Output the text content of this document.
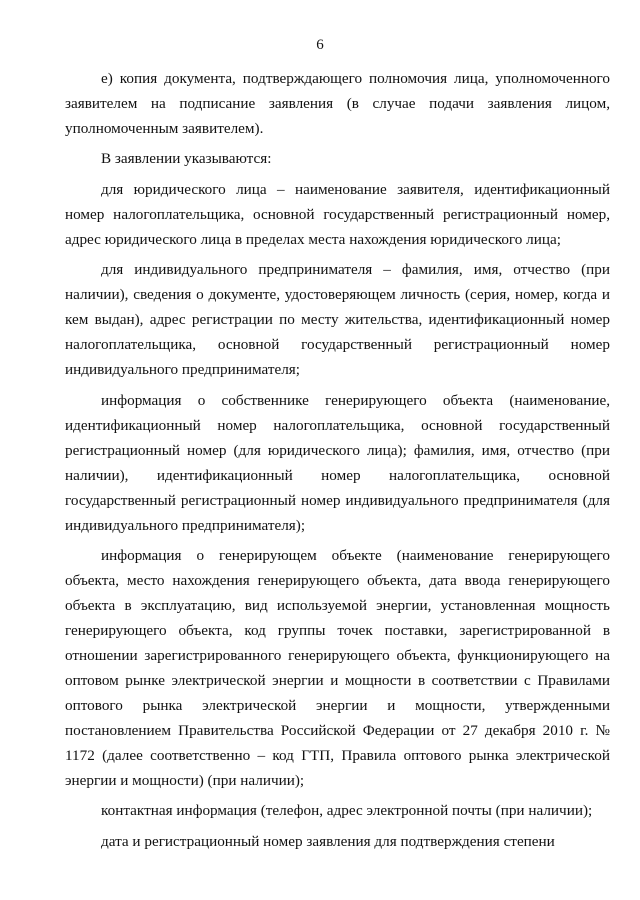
6

е) копия документа, подтверждающего полномочия лица, уполномоченного заявителем на подписание заявления (в случае подачи заявления лицом, уполномоченным заявителем).

В заявлении указываются:

для юридического лица – наименование заявителя, идентификационный номер налогоплательщика, основной государственный регистрационный номер, адрес юридического лица в пределах места нахождения юридического лица;

для индивидуального предпринимателя – фамилия, имя, отчество (при наличии), сведения о документе, удостоверяющем личность (серия, номер, когда и кем выдан), адрес регистрации по месту жительства, идентификационный номер налогоплательщика, основной государственный регистрационный номер индивидуального предпринимателя;

информация о собственнике генерирующего объекта (наименование, идентификационный номер налогоплательщика, основной государственный регистрационный номер (для юридического лица); фамилия, имя, отчество (при наличии), идентификационный номер налогоплательщика, основной государственный регистрационный номер индивидуального предпринимателя (для индивидуального предпринимателя);

информация о генерирующем объекте (наименование генерирующего объекта, место нахождения генерирующего объекта, дата ввода генерирующего объекта в эксплуатацию, вид используемой энергии, установленная мощность генерирующего объекта, код группы точек поставки, зарегистрированной в отношении зарегистрированного генерирующего объекта, функционирующего на оптовом рынке электрической энергии и мощности в соответствии с Правилами оптового рынка электрической энергии и мощности, утвержденными постановлением Правительства Российской Федерации от 27 декабря 2010 г. № 1172 (далее соответственно – код ГТП, Правила оптового рынка электрической энергии и мощности) (при наличии);

контактная информация (телефон, адрес электронной почты (при наличии);

дата и регистрационный номер заявления для подтверждения степени
